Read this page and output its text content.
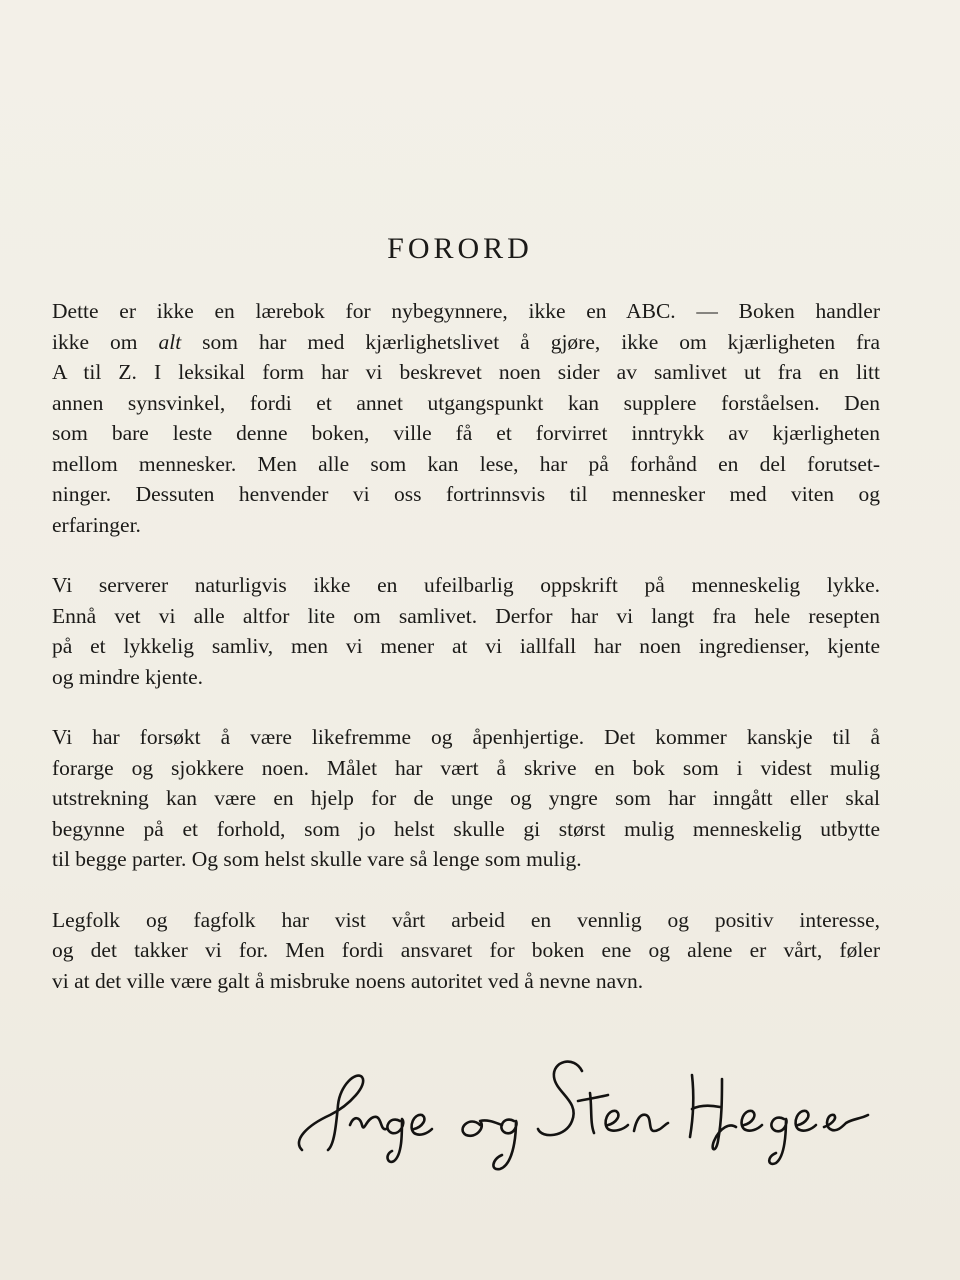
FORORD
Dette er ikke en lærebok for nybegynnere, ikke en ABC. — Boken handler
ikke om alt som har med kjærlighetslivet å gjøre, ikke om kjærligheten fra
A til Z. I leksikal form har vi beskrevet noen sider av samlivet ut fra en litt
annen synsvinkel, fordi et annet utgangspunkt kan supplere forståelsen. Den
som bare leste denne boken, ville få et forvirret inntrykk av kjærligheten
mellom mennesker. Men alle som kan lese, har på forhånd en del forutset-
ninger. Dessuten henvender vi oss fortrinnsvis til mennesker med viten og
erfaringer.
Vi serverer naturligvis ikke en ufeilbarlig oppskrift på menneskelig lykke.
Ennå vet vi alle altfor lite om samlivet. Derfor har vi langt fra hele resepten
på et lykkelig samliv, men vi mener at vi iallfall har noen ingredienser, kjente
og mindre kjente.
Vi har forsøkt å være likefremme og åpenhjertige. Det kommer kanskje til å
forarge og sjokkere noen. Målet har vært å skrive en bok som i videst mulig
utstrekning kan være en hjelp for de unge og yngre som har inngått eller skal
begynne på et forhold, som jo helst skulle gi størst mulig menneskelig utbytte
til begge parter. Og som helst skulle vare så lenge som mulig.
Legfolk og fagfolk har vist vårt arbeid en vennlig og positiv interesse,
og det takker vi for. Men fordi ansvaret for boken ene og alene er vårt, føler
vi at det ville være galt å misbruke noens autoritet ved å nevne navn.
